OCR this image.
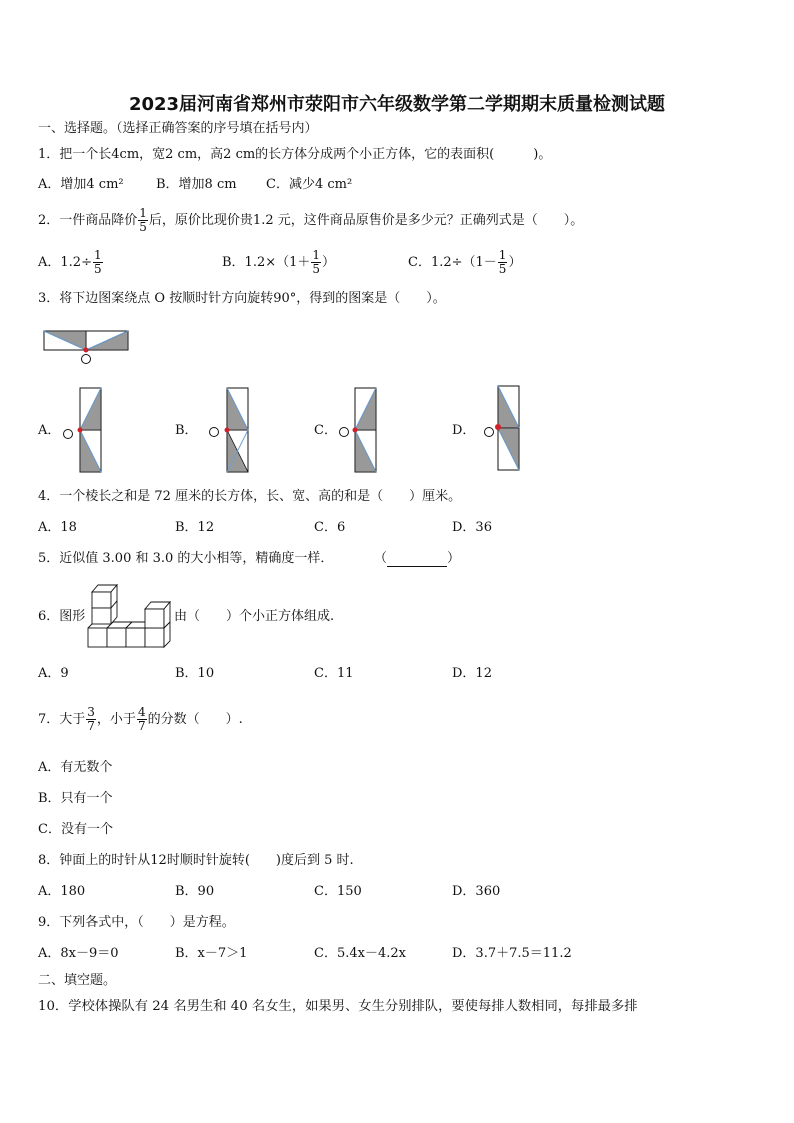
2023届河南省郑州市荥阳市六年级数学第二学期期末质量检测试题
一、选择题。（选择正确答案的序号填在括号内）
1．把一个长4cm，宽2 cm，高2 cm的长方体分成两个小正方体，它的表面积(　　　)。
A．增加4 cm² B．增加8 cm C．减少4 cm²
2．一件商品降价 $\frac{1}{5}$ 后，原价比现价贵1.2 元，这件商品原售价是多少元？正确列式是（　　）。
A．$1.2\div \frac{1}{5}$	B．$1.2\times(1+ \frac{1}{5}$ ）	C．$1.2\div(1- \frac{1}{5}$ ）
3．将下边图案绕点 O 按顺时针方向旋转90°，得到的图案是（　　）。
A．	B．	C．	D．
4．一个棱长之和是 72 厘米的长方体，长、宽、高的和是（　　）厘米。
A．18	B．12	C．6	D．36
5．近似值 3.00 和 3.0 的大小相等，精确度一样．	（	）
6．图形	由（　　）个小正方体组成.
A．9	B．10	C．11	D．12
7．大于 $\frac{3}{7}$ ，小于 $\frac{4}{7}$ 的分数（　　）.
A．有无数个
B．只有一个
C．没有一个
8．钟面上的时针从12时顺时针旋转(　　)度后到 5 时.
A．180	B．90	C．150	D．360
9．下列各式中，（　　）是方程。
A．8x－9＝0	B．x－7＞1	C．5.4x－4.2x	D．3.7＋7.5＝11.2
二、填空题。
10．学校体操队有 24 名男生和 40 名女生，如果男、女生分别排队，要使每排人数相同，每排最多排
